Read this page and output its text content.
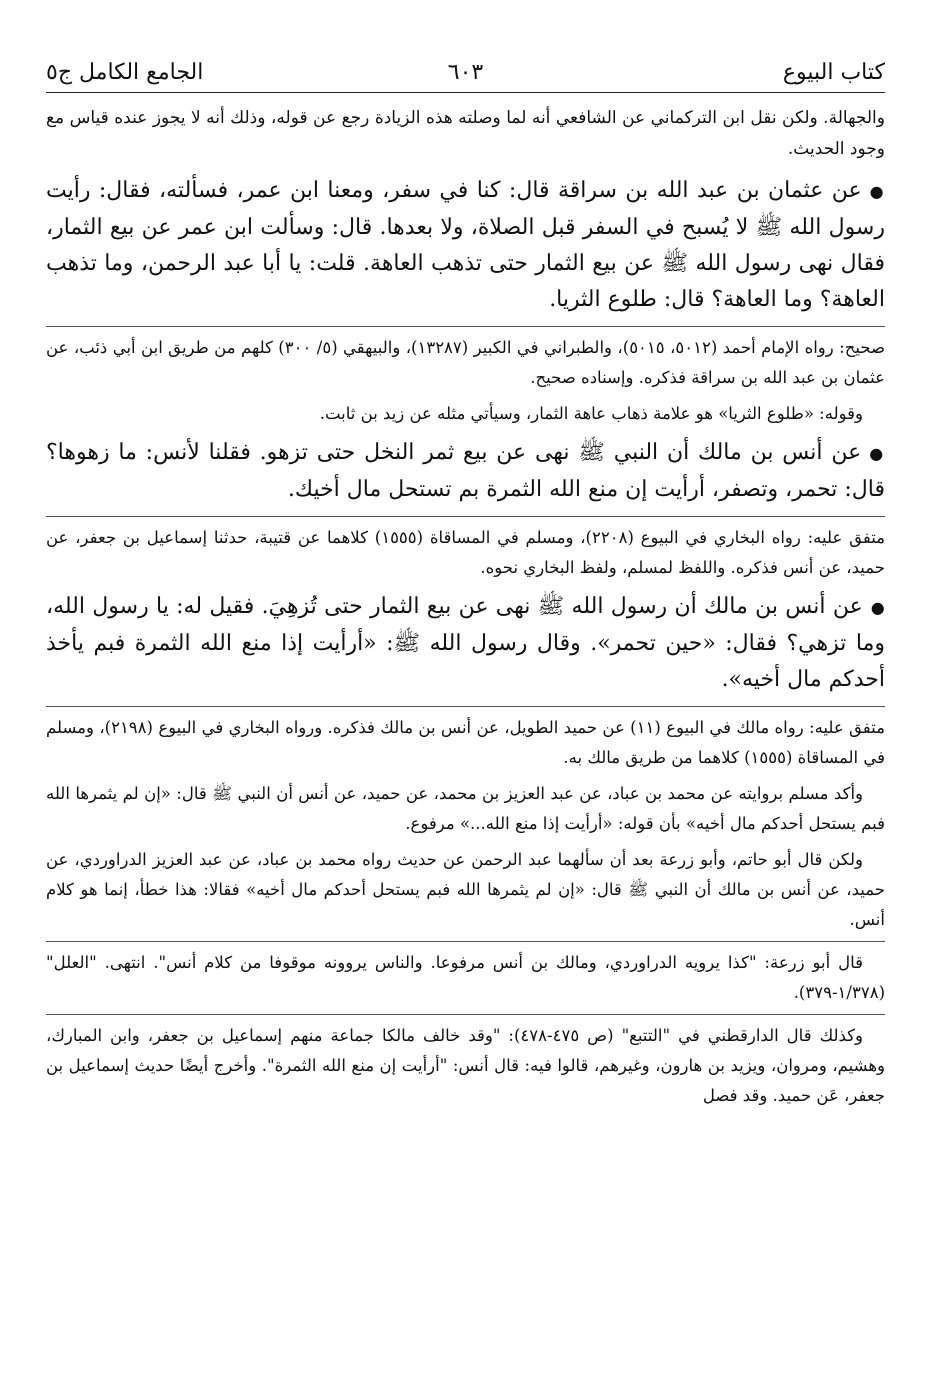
كتاب البيوع
٦٠٣
الجامع الكامل ج٥

والجهالة. ولكن نقل ابن التركماني عن الشافعي أنه لما وصلته هذه الزيادة رجع عن قوله، وذلك أنه لا يجوز عنده قياس مع وجود الحديث.

●عن عثمان بن عبد الله بن سراقة قال: كنا في سفر، ومعنا ابن عمر، فسألته، فقال: رأيت رسول الله ﷺ لا يُسبح في السفر قبل الصلاة، ولا بعدها. قال: وسألت ابن عمر عن بيع الثمار، فقال نهى رسول الله ﷺ عن بيع الثمار حتى تذهب العاهة. قلت: يا أبا عبد الرحمن، وما تذهب العاهة؟ وما العاهة؟ قال: طلوع الثريا.

صحيح: رواه الإمام أحمد (٥٠١٢، ٥٠١٥)، والطبراني في الكبير (١٣٢٨٧)، والبيهقي (٥/ ٣٠٠) كلهم من طريق ابن أبي ذئب، عن عثمان بن عبد الله بن سراقة فذكره. وإسناده صحيح.

وقوله: «طلوع الثريا» هو علامة ذهاب عاهة الثمار، وسيأتي مثله عن زيد بن ثابت.

●عن أنس بن مالك أن النبي ﷺ نهى عن بيع ثمر النخل حتى تزهو. فقلنا لأنس: ما زهوها؟ قال: تحمر، وتصفر، أرأيت إن منع الله الثمرة بم تستحل مال أخيك.

متفق عليه: رواه البخاري في البيوع (٢٢٠٨)، ومسلم في المساقاة (١٥٥٥) كلاهما عن قتيبة، حدثنا إسماعيل بن جعفر، عن حميد، عن أنس فذكره. واللفظ لمسلم، ولفظ البخاري نحوه.

●عن أنس بن مالك أن رسول الله ﷺ نهى عن بيع الثمار حتى تُزهِيَ. فقيل له: يا رسول الله، وما تزهي؟ فقال: «حين تحمر». وقال رسول الله ﷺ: «أرأيت إذا منع الله الثمرة فبم يأخذ أحدكم مال أخيه».

متفق عليه: رواه مالك في البيوع (١١) عن حميد الطويل، عن أنس بن مالك فذكره. ورواه البخاري في البيوع (٢١٩٨)، ومسلم في المساقاة (١٥٥٥) كلاهما من طريق مالك به.

وأكد مسلم بروايته عن محمد بن عباد، عن عبد العزيز بن محمد، عن حميد، عن أنس أن النبي ﷺ قال: «إن لم يثمرها الله فبم يستحل أحدكم مال أخيه» بأن قوله: «أرأيت إذا منع الله...» مرفوع.

ولكن قال أبو حاتم، وأبو زرعة بعد أن سألهما عبد الرحمن عن حديث رواه محمد بن عباد، عن عبد العزيز الدراوردي، عن حميد، عن أنس بن مالك أن النبي ﷺ قال: «إن لم يثمرها الله فبم يستحل أحدكم مال أخيه» فقالا: هذا خطأ، إنما هو كلام أنس.

قال أبو زرعة: "كذا يرويه الدراوردي، ومالك بن أنس مرفوعا. والناس يروونه موقوفا من كلام أنس". انتهى. "العلل" (١/٣٧٨-٣٧٩).

وكذلك قال الدارقطني في "التتبع" (ص ٤٧٥-٤٧٨): "وقد خالف مالكا جماعة منهم إسماعيل بن جعفر، وابن المبارك، وهشيم، ومروان، ويزيد بن هارون، وغيرهم، قالوا فيه: قال أنس: "أرأيت إن منع الله الثمرة". وأخرج أيضًا حديث إسماعيل بن جعفر، عَن حميد. وقد فصل
